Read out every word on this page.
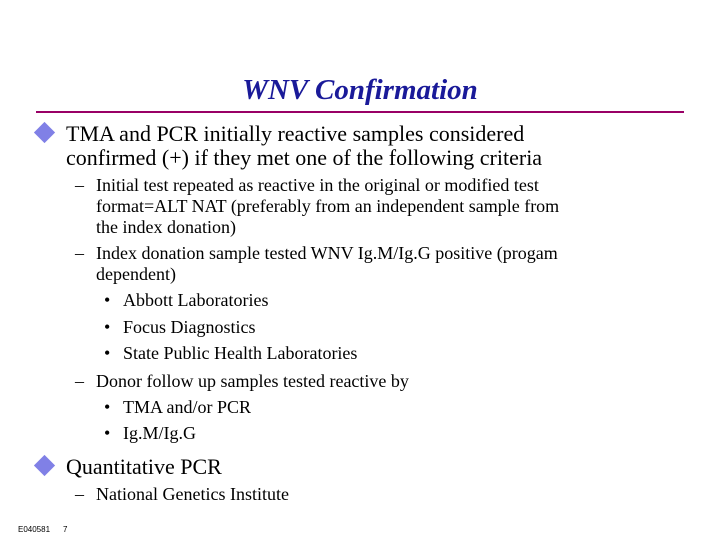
WNV Confirmation
TMA and PCR initially reactive samples considered
confirmed (+) if they met one of the following criteria
– Initial test repeated as reactive in the original or modified test
format=ALT NAT (preferably from an independent sample from
the index donation)
– Index donation sample tested WNV Ig.M/Ig.G positive (progam
dependent)
• Abbott Laboratories
• Focus Diagnostics
• State Public Health Laboratories
– Donor follow up samples tested reactive by
• TMA and/or PCR
• Ig.M/Ig.G
Quantitative PCR
– National Genetics Institute
E040581 7
